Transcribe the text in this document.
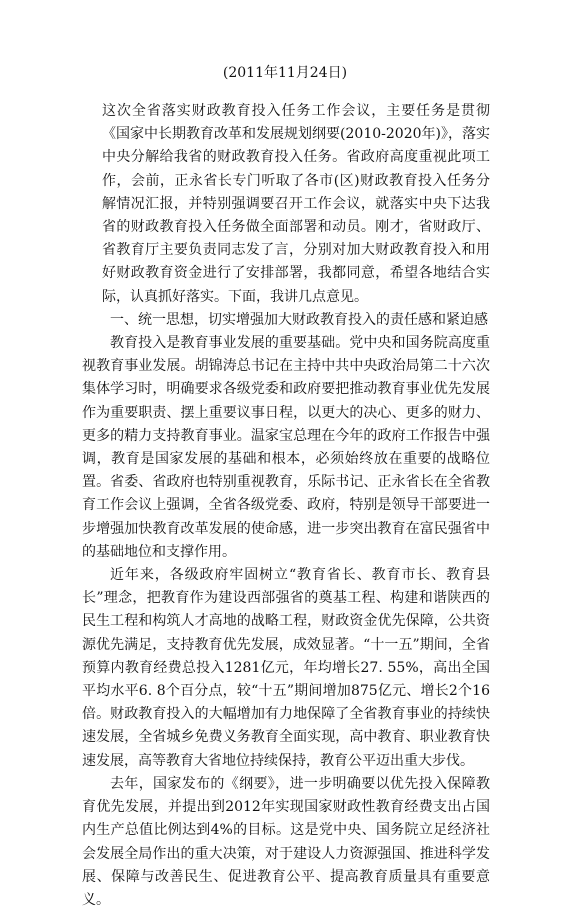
(2011年11月24日)

这次全省落实财政教育投入任务工作会议，主要任务是贯彻《国家中长期教育改革和发展规划纲要(2010-2020年)》，落实中央分解给我省的财政教育投入任务。省政府高度重视此项工作，会前，正永省长专门听取了各市(区)财政教育投入任务分解情况汇报，并特别强调要召开工作会议，就落实中央下达我省的财政教育投入任务做全面部署和动员。刚才，省财政厅、省教育厅主要负责同志发了言，分别对加大财政教育投入和用好财政教育资金进行了安排部署，我都同意，希望各地结合实际，认真抓好落实。下面，我讲几点意见。

一、统一思想，切实增强加大财政教育投入的责任感和紧迫感

教育投入是教育事业发展的重要基础。党中央和国务院高度重视教育事业发展。胡锦涛总书记在主持中共中央政治局第二十六次集体学习时，明确要求各级党委和政府要把推动教育事业优先发展作为重要职责、摆上重要议事日程，以更大的决心、更多的财力、更多的精力支持教育事业。温家宝总理在今年的政府工作报告中强调，教育是国家发展的基础和根本，必须始终放在重要的战略位置。省委、省政府也特别重视教育，乐际书记、正永省长在全省教育工作会议上强调，全省各级党委、政府，特别是领导干部要进一步增强加快教育改革发展的使命感，进一步突出教育在富民强省中的基础地位和支撑作用。

近年来，各级政府牢固树立“教育省长、教育市长、教育县长”理念，把教育作为建设西部强省的奠基工程、构建和谐陕西的民生工程和构筑人才高地的战略工程，财政资金优先保障，公共资源优先满足，支持教育优先发展，成效显著。“十一五”期间，全省预算内教育经费总投入1281亿元，年均增长27. 55%，高出全国平均水平6. 8个百分点，较“十五”期间增加875亿元、增长2个16倍。财政教育投入的大幅增加有力地保障了全省教育事业的持续快速发展，全省城乡免费义务教育全面实现，高中教育、职业教育快速发展，高等教育大省地位持续保持，教育公平迈出重大步伐。

去年，国家发布的《纲要》，进一步明确要以优先投入保障教育优先发展，并提出到2012年实现国家财政性教育经费支出占国内生产总值比例达到4%的目标。这是党中央、国务院立足经济社会发展全局作出的重大决策，对于建设人力资源强国、推进科学发展、保障与改善民生、促进教育公平、提高教育质量具有重要意义。
